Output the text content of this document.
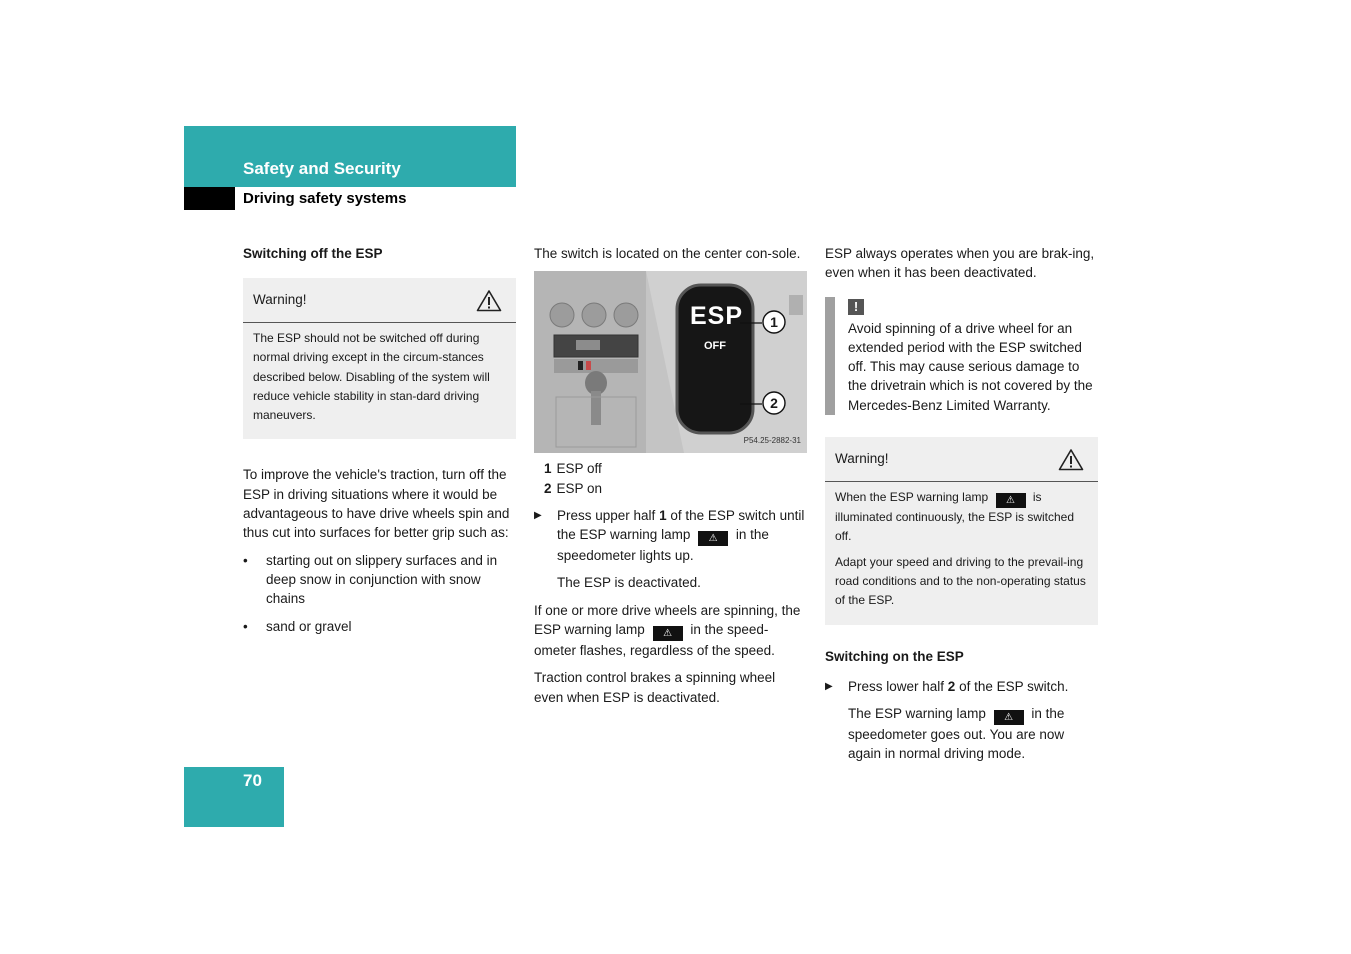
Safety and Security
Driving safety systems
Switching off the ESP
Warning!

The ESP should not be switched off during normal driving except in the circum-stances described below. Disabling of the system will reduce vehicle stability in stan-dard driving maneuvers.

To improve the vehicle's traction, turn off the ESP in driving situations where it would be advantageous to have drive wheels spin and thus cut into surfaces for better grip such as:

• starting out on slippery surfaces and in deep snow in conjunction with snow chains
• sand or gravel

The switch is located on the center con-sole.

ESP
OFF
1
2
P54.25-2882-31

1 ESP off

2 ESP on

▶ Press upper half 1 of the ESP switch until the ESP warning lamp ⚠ in the speedometer lights up.

The ESP is deactivated.

If one or more drive wheels are spinning, the ESP warning lamp ⚠ in the speed-ometer flashes, regardless of the speed.

Traction control brakes a spinning wheel even when ESP is deactivated.

ESP always operates when you are brak-ing, even when it has been deactivated.

!
Avoid spinning of a drive wheel for an extended period with the ESP switched off. This may cause serious damage to the drivetrain which is not covered by the Mercedes-Benz Limited Warranty.
Warning!

When the ESP warning lamp ⚠ is illuminated continuously, the ESP is switched off.

Adapt your speed and driving to the prevail-ing road conditions and to the non-operating status of the ESP.

Switching on the ESP
▶ Press lower half 2 of the ESP switch.

The ESP warning lamp ⚠ in the speedometer goes out. You are now again in normal driving mode.

70
